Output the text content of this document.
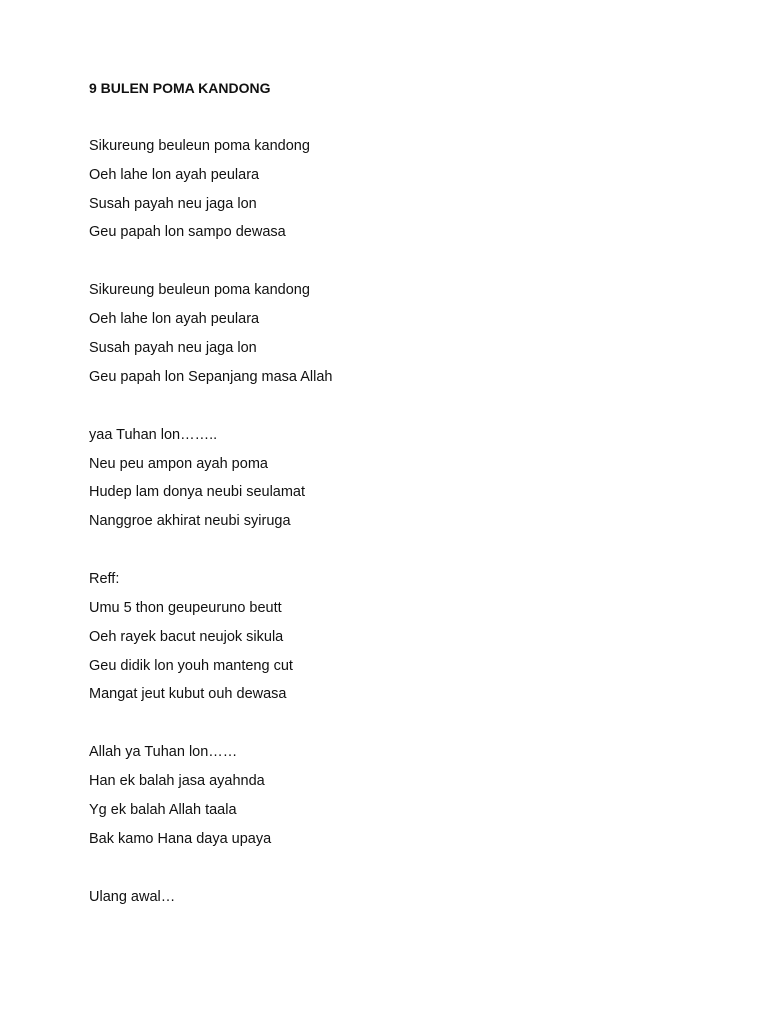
9 BULEN POMA KANDONG

Sikureung beuleun poma kandong

Oeh lahe lon ayah peulara

Susah payah neu jaga lon

Geu papah lon sampo dewasa

Sikureung beuleun poma kandong

Oeh lahe lon ayah peulara

Susah payah neu jaga lon

Geu papah lon Sepanjang masa Allah

yaa Tuhan lon……..

Neu peu ampon ayah poma

Hudep lam donya neubi seulamat

Nanggroe akhirat neubi syiruga

Reff:

Umu 5 thon geupeuruno beutt

Oeh rayek bacut neujok sikula

Geu didik lon youh manteng cut

Mangat jeut kubut ouh dewasa

Allah ya Tuhan lon……

Han ek balah jasa ayahnda

Yg ek balah Allah taala

Bak kamo Hana daya upaya

Ulang awal…
